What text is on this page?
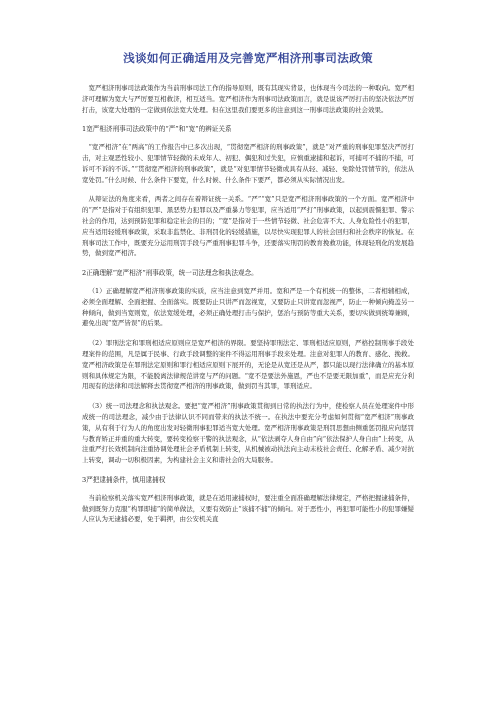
浅谈如何正确适用及完善宽严相济刑事司法政策

宽严相济刑事司法政策作为当前刑事司法工作的指导原则，既有其现实背景，也体现当今司法的一种取向。宽严相济可理解为宽大与严厉要互相救济，相互适当。宽严相济作为刑事司法政策而言，就是说该严厉打击的坚决依法严厉打击，该宽大处理的一定做到依法宽大处理。但在这里我们要更多的注意到这一刑事司法政策的社会效果。

1宽严相济刑事司法政策中的“严”和“宽”的辨证关系

“宽严相济”在“两高”的工作报告中已多次出现，“贯彻宽严相济的刑事政策”，就是“对严重的刑事犯罪坚决严厉打击，对主观恶性较小、犯罪情节轻微的未成年人、初犯、偶犯和过失犯，应慎重逮捕和起诉，可捕可不捕的不捕，可诉可不诉的不诉。”“贯彻宽严相济的刑事政策”，就是“对犯罪情节轻微或具有从轻、减轻、免除处罚情节的，依法从宽处罚。”什么时候、什么条件下要宽，什么时候、什么条件下要严，都必须从实际情况出发。

从辩证法的角度来看，两者之间存在着辩证统一关系。“严”“宽”只是宽严相济刑事政策的一个方面。宽严相济中的“严”是指对于有组织犯罪、黑恶势力犯罪以及严重暴力等犯罪，应当适用“严打”刑事政策，以起到震慑犯罪、警示社会的作用，达到预防犯罪和稳定社会的目的；“宽”是指对于一些情节轻微、社会危害不大、人身危险性小的犯罪，应当适用轻缓刑事政策，采取非监禁化、非刑罚化的轻缓措施，以尽快实现犯罪人的社会回归和社会秩序的恢复。在刑事司法工作中，既要充分运用刑罚手段与严重刑事犯罪斗争，还要落实刑罚的教育挽救功能，体现轻刑化的发展趋势，做到宽严相济。

2正确理解“宽严相济”刑事政策，统一司法理念和执法观念。

（1）正确理解宽严相济刑事政策的实质，应当注意到宽严并用。宽和严是一个有机统一的整体，二者相辅相成，必须全面理解、全面把握、全面落实。既要防止只讲严而忽视宽，又要防止只讲宽而忽视严，防止一种倾向掩盖另一种倾向，做到当宽则宽，依法宽缓处理，必须正确处理打击与保护，惩治与预防等重大关系，要切实做到统筹兼顾，避免出现“宽严皆误”的后果。

（2）罪刑法定和罪刑相适应原则应是宽严相济的界限。要坚持罪刑法定、罪刑相适应原则，严格控制刑事手段处理案件的范围，凡是属于民事、行政手段调整的案件不得运用刑事手段来处理。注意对犯罪人的教育、感化、挽救。宽严相济政策是在罪刑法定原则和罪行相适应原则下展开的，无论是从宽还是从严，都只能以现行法律确立的基本原则和具体规定为限，不能脱离法律规范讲宽与严的问题。“宽不是要法外施恩，严也不是要无限加重”，而是应充分利用现有的法律和司法解释去贯彻宽严相济的刑事政策，做到罚当其罪，罪刑适应。

（3）统一司法理念和执法观念。要把“宽严相济”刑事政策贯彻到日常的执法行为中，使检察人员在处理案件中形成统一的司法理念，减少由于法律认识不同而带来的执法不统一。在执法中要充分考虑如何贯彻“宽严相济”刑事政策，从有利于行为人的角度出发对轻微刑事犯罪适当宽大处理。宽严相济刑事政策是刑罚思想由侧重惩罚报应向惩罚与教育矫正并重的重大转变，要转变检察干警的执法观念，从“依法剥夺人身自由”向“依法保护人身自由”上转变，从注重严打长效机制向注重协调处理社会矛盾机制上转变，从机械被动执法向主动末枝社会责任、化解矛盾、减少对抗上转变，调动一切积极因素，为构建社会主义和谐社会的大局服务。

3严把逮捕条件，慎用逮捕权

当前检察机关落实宽严相济刑事政策，就是在适用逮捕权时，要注重全面准确理解法律规定，严格把握逮捕条件，做到既努力克服“构罪即捕”的简单做法，又要有效防止“该捕不捕”的倾向。对于恶性小，再犯罪可能性小的犯罪嫌疑人应认为无逮捕必要，免于羁押，由公安机关直
